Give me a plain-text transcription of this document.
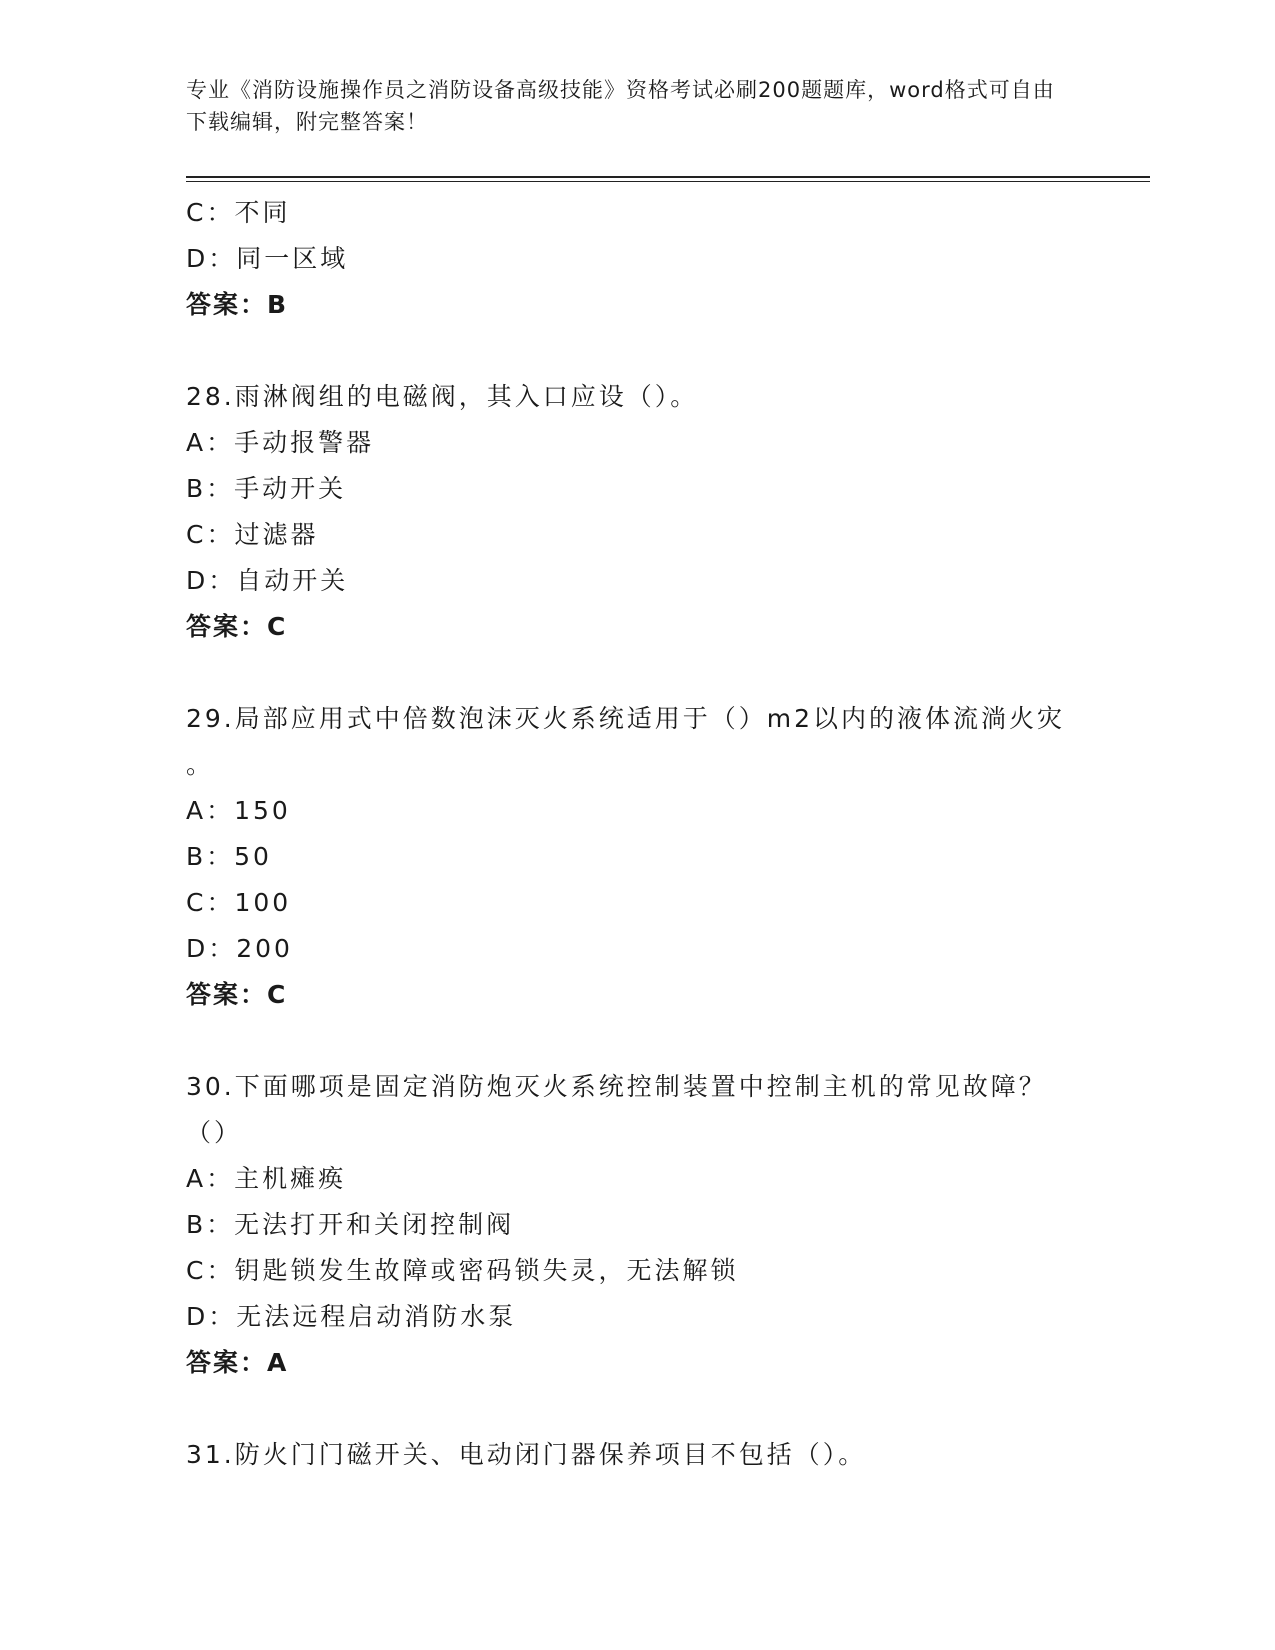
专业《消防设施操作员之消防设备高级技能》资格考试必刷200题题库，word格式可自由下载编辑，附完整答案！
C：不同
D：同一区域
答案：B
28.雨淋阀组的电磁阀，其入口应设（）。
A：手动报警器
B：手动开关
C：过滤器
D：自动开关
答案：C
29.局部应用式中倍数泡沫灭火系统适用于（）m2以内的液体流淌火灾
。
A：150
B：50
C：100
D：200
答案：C
30.下面哪项是固定消防炮灭火系统控制装置中控制主机的常见故障？
（）
A：主机瘫痪
B：无法打开和关闭控制阀
C：钥匙锁发生故障或密码锁失灵，无法解锁
D：无法远程启动消防水泵
答案：A
31.防火门门磁开关、电动闭门器保养项目不包括（）。
